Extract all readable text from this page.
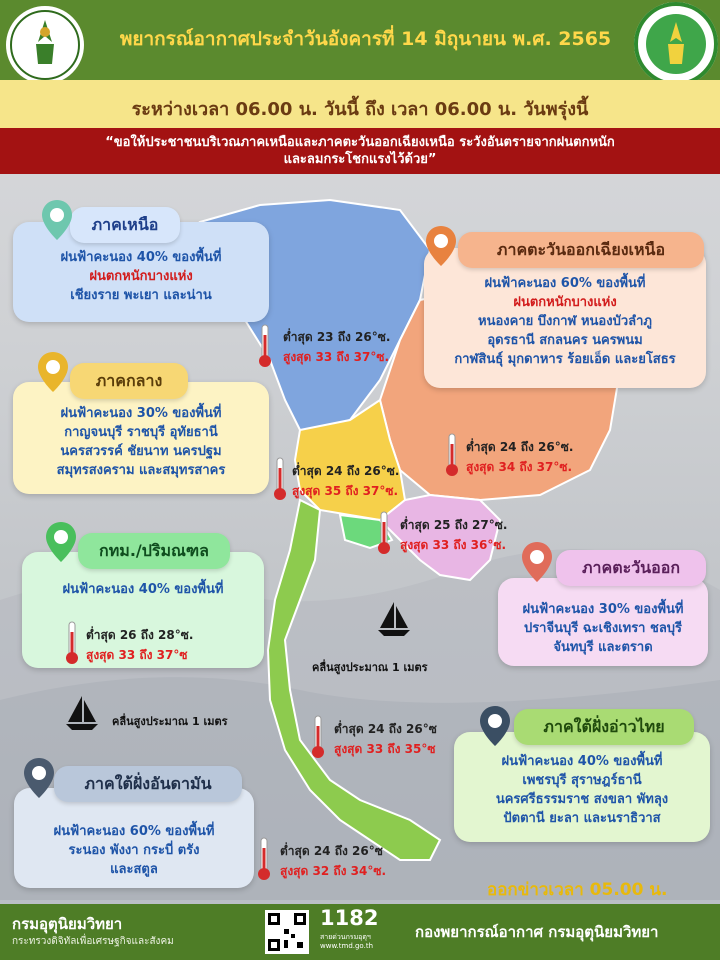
พยากรณ์อากาศประจำวันอังคารที่ 14 มิถุนายน พ.ศ. 2565
ระหว่างเวลา 06.00 น. วันนี้ ถึง เวลา 06.00 น. วันพรุ่งนี้
“ขอให้ประชาชนบริเวณภาคเหนือและภาคตะวันออกเฉียงเหนือ ระวังอันตรายจากฝนตกหนัก
และลมกระโชกแรงไว้ด้วย”
ฝนฟ้าคะนอง 40% ของพื้นที่
ฝนตกหนักบางแห่ง
เชียงราย พะเยา และน่าน
ภาคเหนือ
ต่ำสุด 23 ถึง 26°ซ.
สูงสุด 33 ถึง 37°ซ.
ฝนฟ้าคะนอง 60% ของพื้นที่
ฝนตกหนักบางแห่ง
หนองคาย บึงกาฬ หนองบัวลำภู
อุดรธานี สกลนคร นครพนม
กาฬสินธุ์ มุกดาหาร ร้อยเอ็ด และยโสธร
ภาคตะวันออกเฉียงเหนือ
ต่ำสุด 24 ถึง 26°ซ.
สูงสุด 34 ถึง 37°ซ.
ฝนฟ้าคะนอง 30% ของพื้นที่
กาญจนบุรี ราชบุรี อุทัยธานี
นครสวรรค์ ชัยนาท นครปฐม
สมุทรสงคราม และสมุทรสาคร
ภาคกลาง
ต่ำสุด 24 ถึง 26°ซ.
สูงสุด 35 ถึง 37°ซ.
ต่ำสุด 25 ถึง 27°ซ.
สูงสุด 33 ถึง 36°ซ.
ฝนฟ้าคะนอง 30% ของพื้นที่
ปราจีนบุรี ฉะเชิงเทรา ชลบุรี
จันทบุรี และตราด
ภาคตะวันออก
ฝนฟ้าคะนอง 40% ของพื้นที่
กทม./ปริมณฑล
ต่ำสุด 26 ถึง 28°ซ.
สูงสุด 33 ถึง 37°ซ
คลื่นสูงประมาณ 1 เมตร
คลื่นสูงประมาณ 1 เมตร
ต่ำสุด 24 ถึง 26°ซ
สูงสุด 33 ถึง 35°ซ
ฝนฟ้าคะนอง 40% ของพื้นที่
เพชรบุรี สุราษฎร์ธานี
นครศรีธรรมราช สงขลา พัทลุง
ปัตตานี ยะลา และนราธิวาส
ภาคใต้ฝั่งอ่าวไทย
ฝนฟ้าคะนอง 60% ของพื้นที่
ระนอง พังงา กระบี่ ตรัง
และสตูล
ภาคใต้ฝั่งอันดามัน
ต่ำสุด 24 ถึง 26°ซ
สูงสุด 32 ถึง 34°ซ.
ออกข่าวเวลา 05.00 น.
กรมอุตุนิยมวิทยา
กระทรวงดิจิทัลเพื่อเศรษฐกิจและสังคม
1182
สายด่วนกรมอุตุฯ
www.tmd.go.th
กองพยากรณ์อากาศ กรมอุตุนิยมวิทยา
